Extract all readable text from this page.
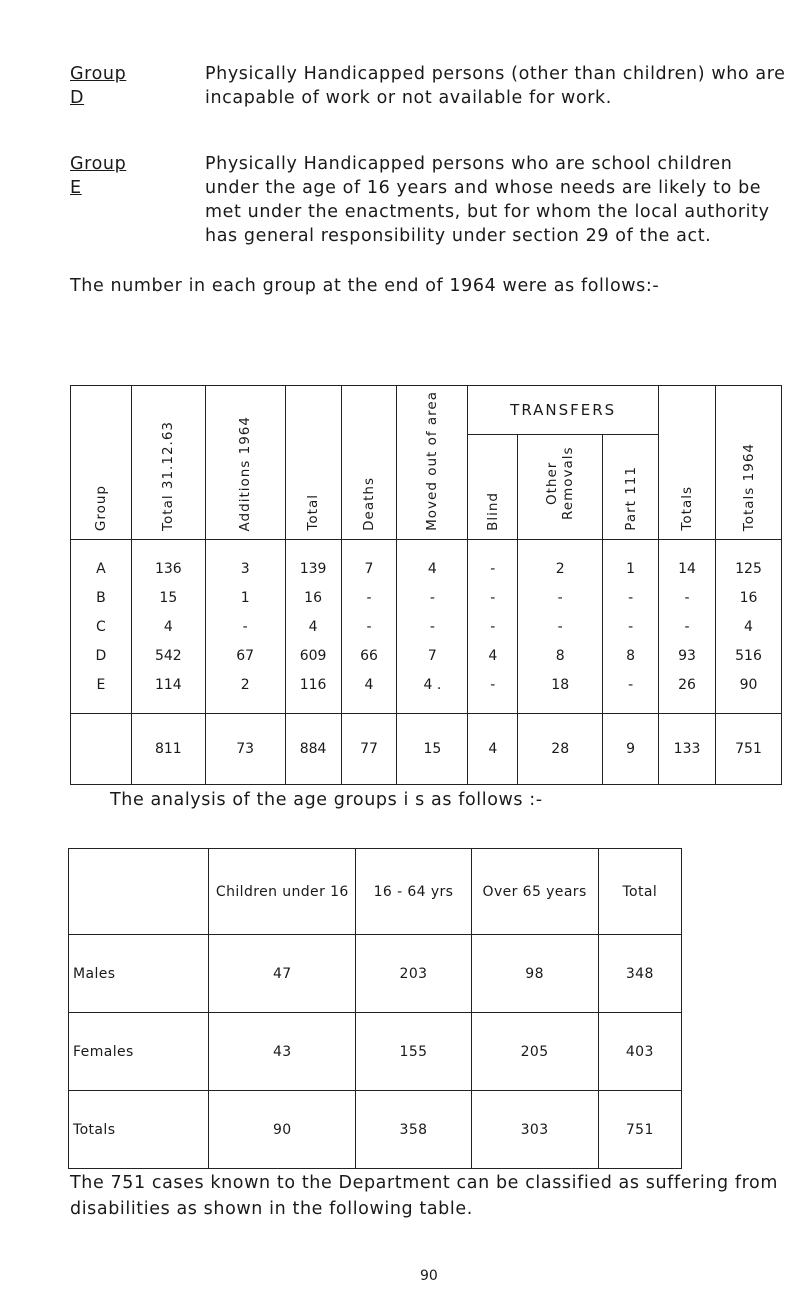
Group D
Physically Handicapped persons (other than children) who are incapable of work or not available for work.
Group E
Physically Handicapped persons who are school children under the age of 16 years and whose needs are likely to be met under the enactments, but for whom the local authority has general responsibility under section 29 of the act.
The number in each group at the end of 1964 were as follows:-
Group	Total 31.12.63	Additions 1964	Total	Deaths	Moved out of area	TRANSFERS			Totals	Totals 1964
						Blind	Other Removals	Part 111		
A	136	3	139	7	4	-	2	1	14	125
B	15	1	16	-	-	-	-	-	-	16
C	4	-	4	-	-	-	-	-	-	4
D	542	67	609	66	7	4	8	8	93	516
E	114	2	116	4	4 .	-	18	-	26	90
	811	73	884	77	15	4	28	9	133	751
The analysis of the age groups i s as follows :-
	Children under 16	16 - 64 yrs	Over 65 years	Total
Males	47	203	98	348
Females	43	155	205	403
Totals	90	358	303	751
The 751 cases known to the Department can be classified as suffering from disabilities as shown in the following table.
90
